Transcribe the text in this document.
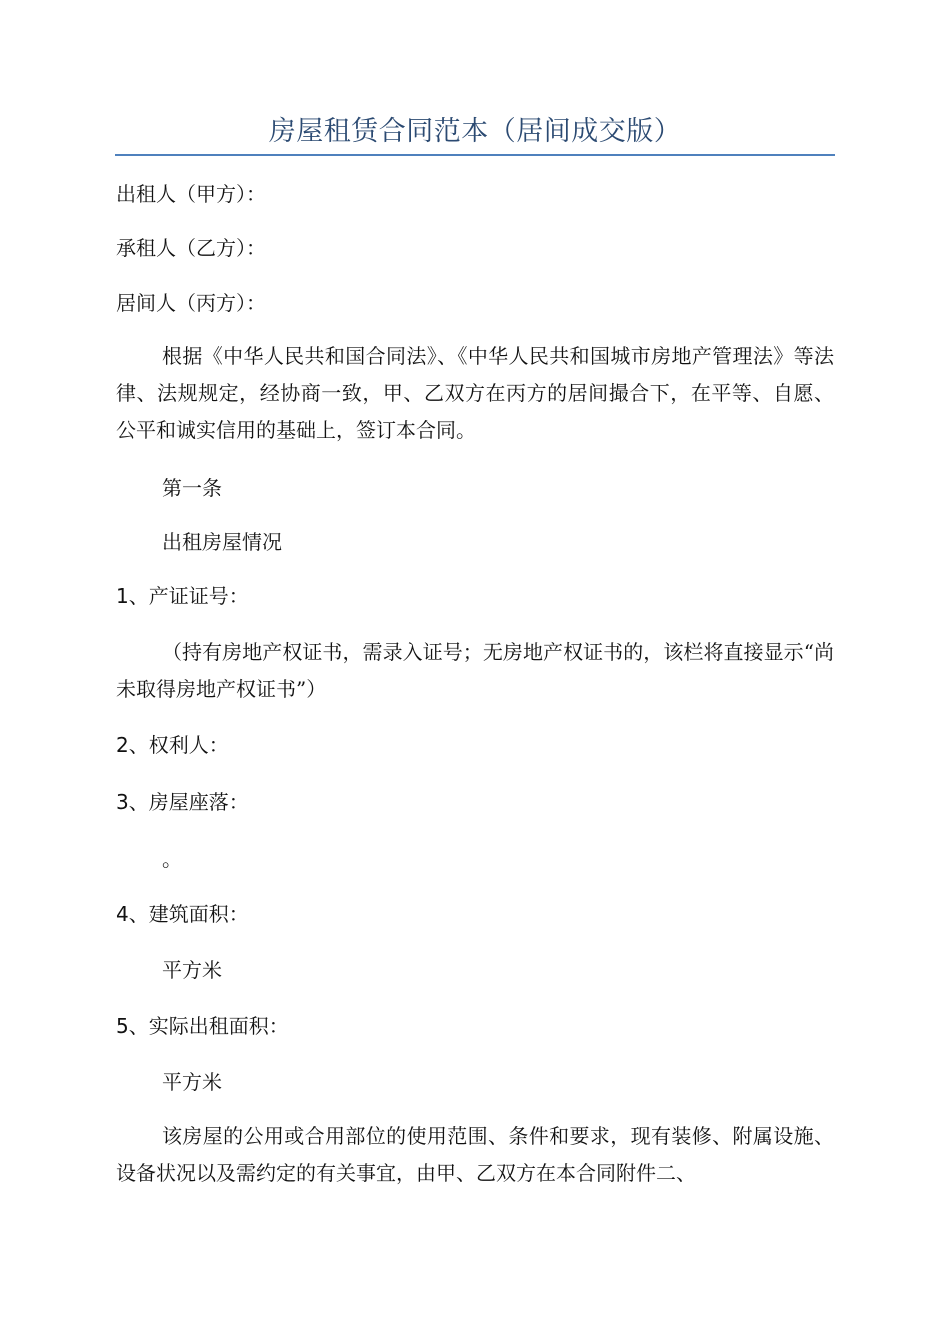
房屋租赁合同范本（居间成交版）
出租人（甲方）：
承租人（乙方）：
居间人（丙方）：
根据《中华人民共和国合同法》、《中华人民共和国城市房地产管理法》等法律、法规规定，经协商一致，甲、乙双方在丙方的居间撮合下，在平等、自愿、公平和诚实信用的基础上，签订本合同。
第一条
出租房屋情况
1、产证证号：
（持有房地产权证书，需录入证号；无房地产权证书的，该栏将直接显示“尚未取得房地产权证书”）
2、权利人：
3、房屋座落：
。
4、建筑面积：
平方米
5、实际出租面积：
平方米
该房屋的公用或合用部位的使用范围、条件和要求，现有装修、附属设施、设备状况以及需约定的有关事宜，由甲、乙双方在本合同附件二、
